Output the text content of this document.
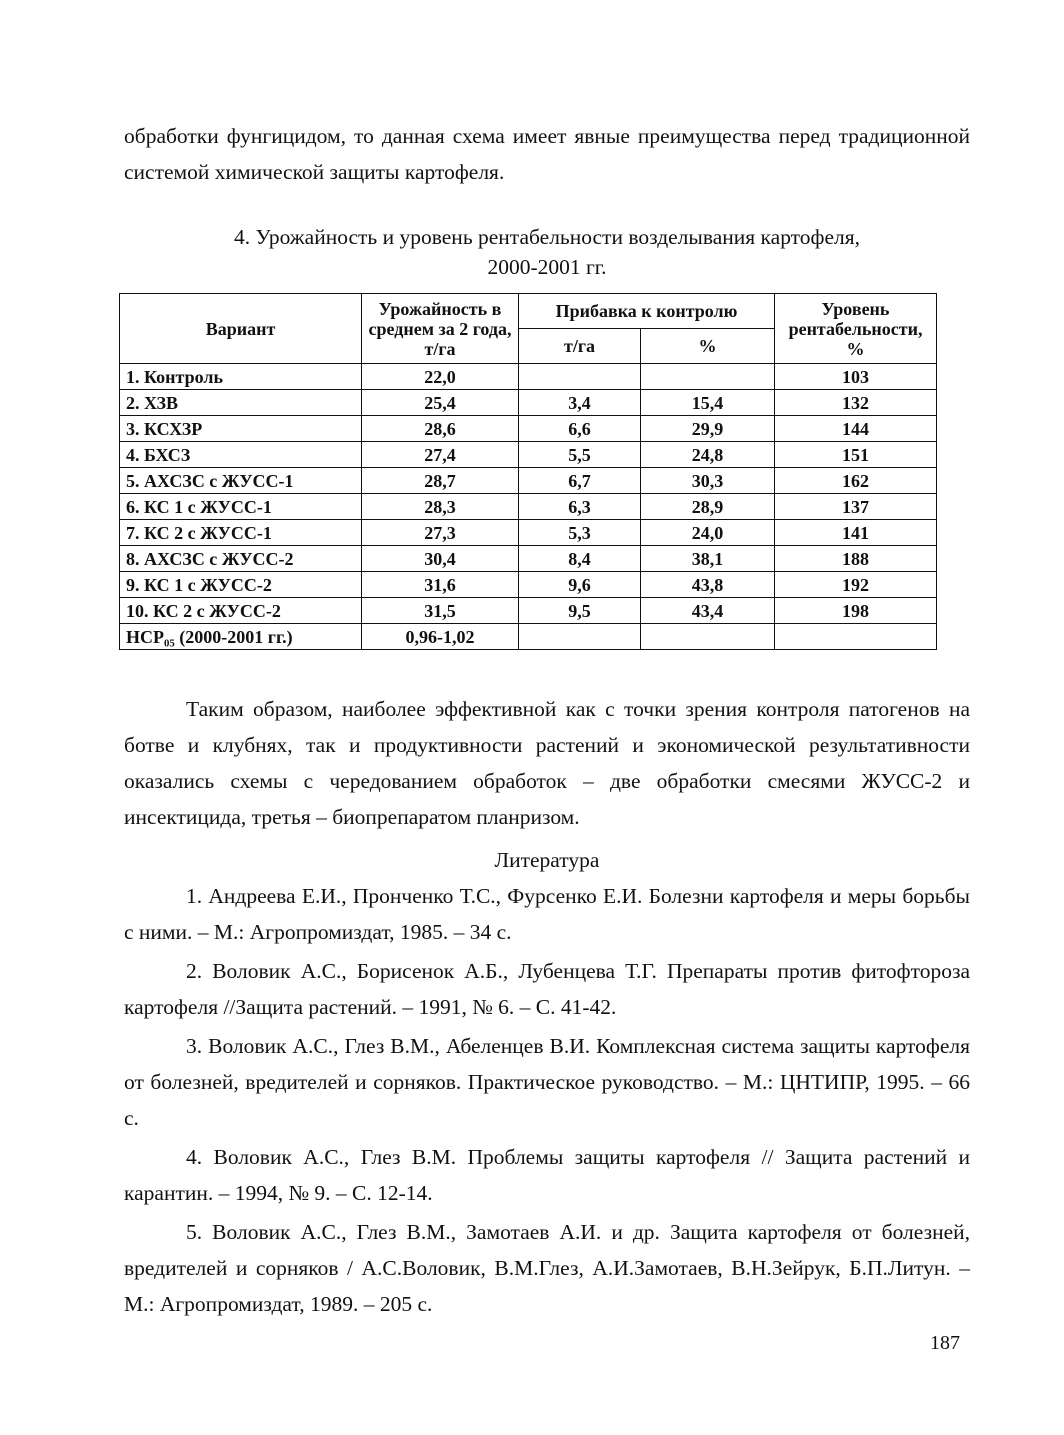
обработки фунгицидом, то данная схема имеет явные преимущества перед традиционной системой химической защиты картофеля.

4. Урожайность и уровень рентабельности возделывания картофеля,
2000-2001 гг.
Вариант	Урожайность в среднем за 2 года, т/га	Прибавка к контролю		Уровень рентабельности, %
		т/га	%	
1. Контроль	22,0			103
2. ХЗВ	25,4	3,4	15,4	132
3. КСХЗР	28,6	6,6	29,9	144
4. БХСЗ	27,4	5,5	24,8	151
5. АХСЗС с ЖУСС-1	28,7	6,7	30,3	162
6. КС 1 с ЖУСС-1	28,3	6,3	28,9	137
7. КС 2 с ЖУСС-1	27,3	5,3	24,0	141
8. АХСЗС с ЖУСС-2	30,4	8,4	38,1	188
9. КС 1 с ЖУСС-2	31,6	9,6	43,8	192
10. КС 2 с ЖУСС-2	31,5	9,5	43,4	198
НСР₀₅ (2000-2001 гг.)	0,96-1,02			

Таким образом, наиболее эффективной как с точки зрения контроля патогенов на ботве и клубнях, так и продуктивности растений и экономической результативности оказались схемы с чередованием обработок – две обработки смесями ЖУСС-2 и инсектицида, третья – биопрепаратом планризом.

Литература

1. Андреева Е.И., Пронченко Т.С., Фурсенко Е.И. Болезни картофеля и меры борьбы с ними. – М.: Агропромиздат, 1985. – 34 с.

2. Воловик А.С., Борисенок А.Б., Лубенцева Т.Г. Препараты против фитофтороза картофеля //Защита растений. – 1991, № 6. – С. 41-42.

3. Воловик А.С., Глез В.М., Абеленцев В.И. Комплексная система защиты картофеля от болезней, вредителей и сорняков. Практическое руководство. – М.: ЦНТИПР, 1995. – 66 с.

4. Воловик А.С., Глез В.М. Проблемы защиты картофеля // Защита растений и карантин. – 1994, № 9. – С. 12-14.

5. Воловик А.С., Глез В.М., Замотаев А.И. и др. Защита картофеля от болезней, вредителей и сорняков / А.С.Воловик, В.М.Глез, А.И.Замотаев, В.Н.Зейрук, Б.П.Литун. – М.: Агропромиздат, 1989. – 205 с.

187
